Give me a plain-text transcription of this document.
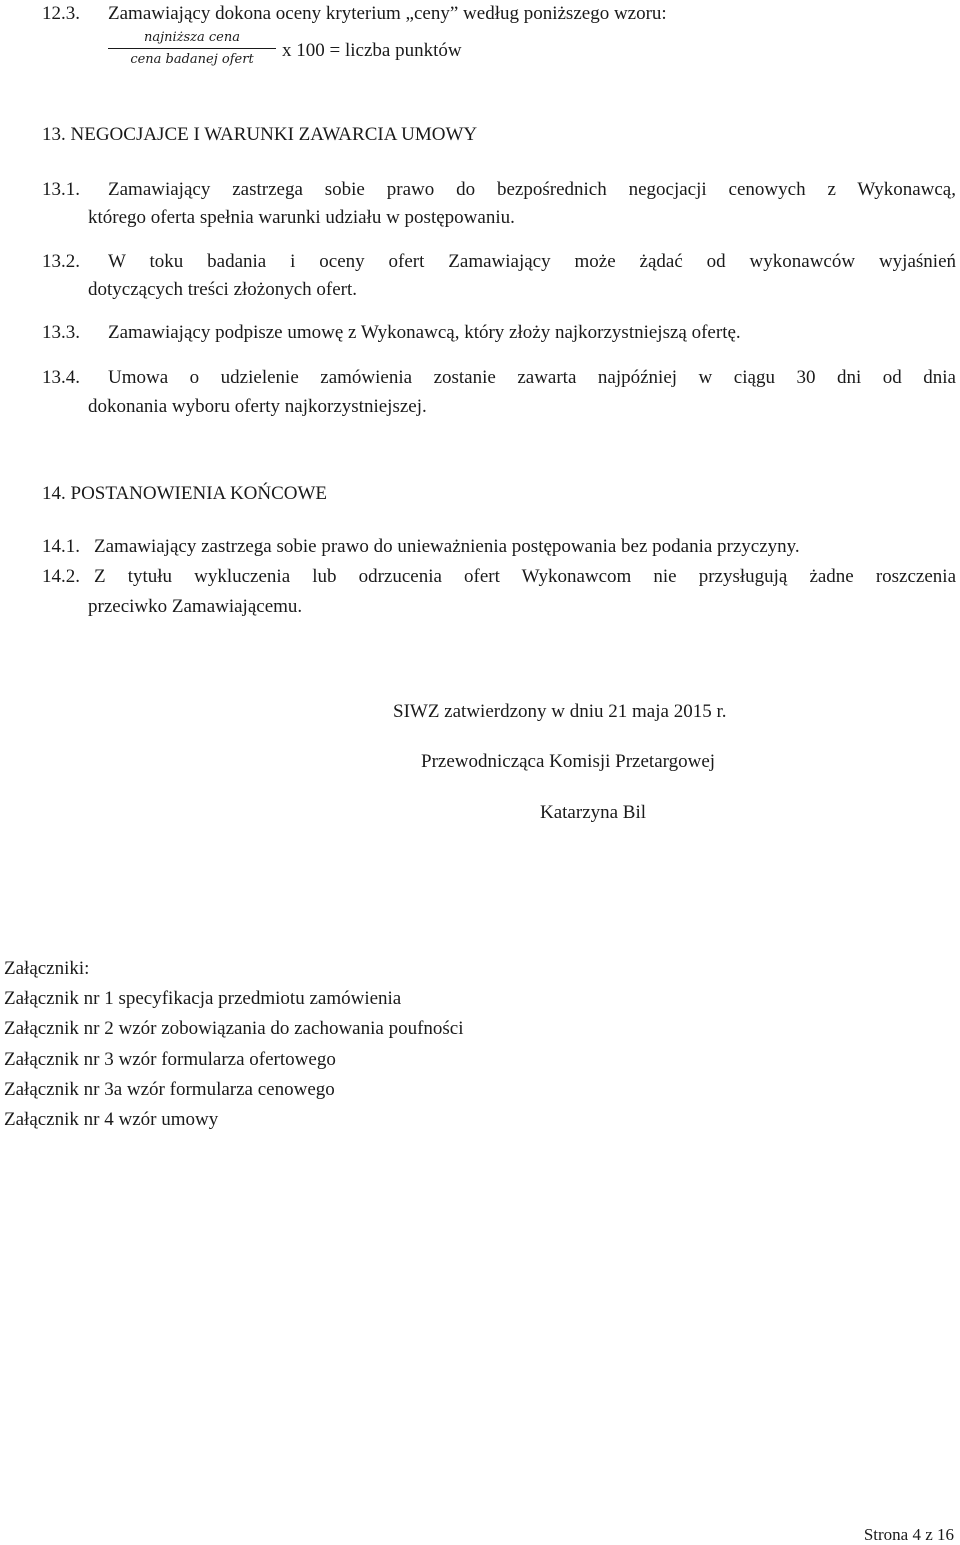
12.3. Zamawiający dokona oceny kryterium „ceny” według poniższego wzoru:
najniższa cena
cena badanej ofert	x 100 = liczba punktów
13. NEGOCJAJCE I WARUNKI ZAWARCIA UMOWY
13.1. Zamawiający zastrzega sobie prawo do bezpośrednich negocjacji cenowych z Wykonawcą,
którego oferta spełnia warunki udziału w postępowaniu.
13.2. W toku badania i oceny ofert Zamawiający może żądać od wykonawców wyjaśnień
dotyczących treści złożonych ofert.
13.3. Zamawiający podpisze umowę z Wykonawcą, który złoży najkorzystniejszą ofertę.
13.4. Umowa o udzielenie zamówienia zostanie zawarta najpóźniej w ciągu 30 dni od dnia
dokonania wyboru oferty najkorzystniejszej.
14. POSTANOWIENIA KOŃCOWE
14.1. Zamawiający zastrzega sobie prawo do unieważnienia postępowania bez podania przyczyny.
14.2. Z tytułu wykluczenia lub odrzucenia ofert Wykonawcom nie przysługują żadne roszczenia
przeciwko Zamawiającemu.
SIWZ zatwierdzony w dniu 21 maja 2015 r.
Przewodnicząca Komisji Przetargowej
Katarzyna Bil
Załączniki:
Załącznik nr 1 specyfikacja przedmiotu zamówienia
Załącznik nr 2 wzór zobowiązania do zachowania poufności
Załącznik nr 3 wzór formularza ofertowego
Załącznik nr 3a wzór formularza cenowego
Załącznik nr 4 wzór umowy
Strona 4 z 16
